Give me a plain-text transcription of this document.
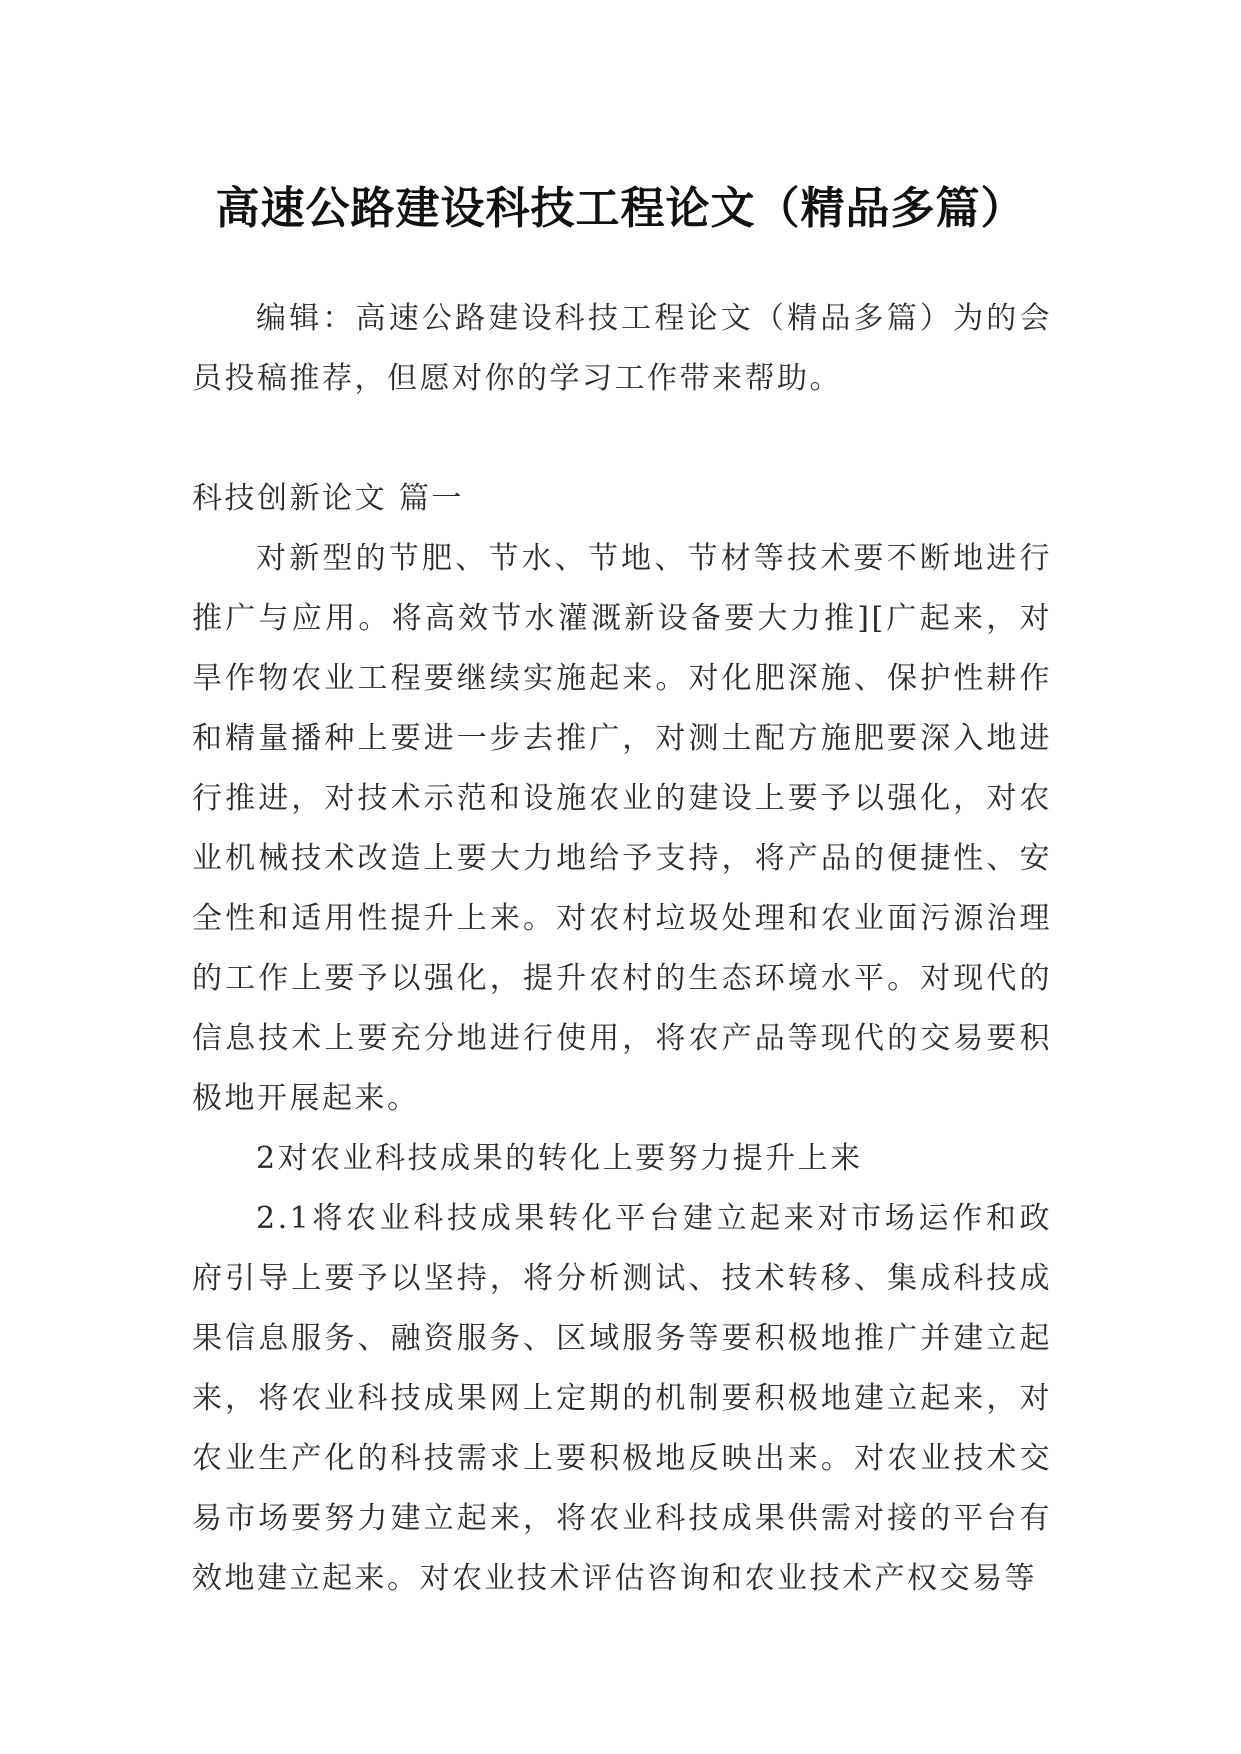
高速公路建设科技工程论文（精品多篇）

编辑：高速公路建设科技工程论文（精品多篇）为的会员投稿推荐，但愿对你的学习工作带来帮助。

科技创新论文 篇一

对新型的节肥、节水、节地、节材等技术要不断地进行推广与应用。将高效节水灌溉新设备要大力推][广起来，对旱作物农业工程要继续实施起来。对化肥深施、保护性耕作和精量播种上要进一步去推广，对测土配方施肥要深入地进行推进，对技术示范和设施农业的建设上要予以强化，对农业机械技术改造上要大力地给予支持，将产品的便捷性、安全性和适用性提升上来。对农村垃圾处理和农业面污源治理的工作上要予以强化，提升农村的生态环境水平。对现代的信息技术上要充分地进行使用，将农产品等现代的交易要积极地开展起来。

2对农业科技成果的转化上要努力提升上来

2.1将农业科技成果转化平台建立起来对市场运作和政府引导上要予以坚持，将分析测试、技术转移、集成科技成果信息服务、融资服务、区域服务等要积极地推广并建立起来，将农业科技成果网上定期的机制要积极地建立起来，对农业生产化的科技需求上要积极地反映出来。对农业技术交易市场要努力建立起来，将农业科技成果供需对接的平台有效地建立起来。对农业技术评估咨询和农业技术产权交易等
